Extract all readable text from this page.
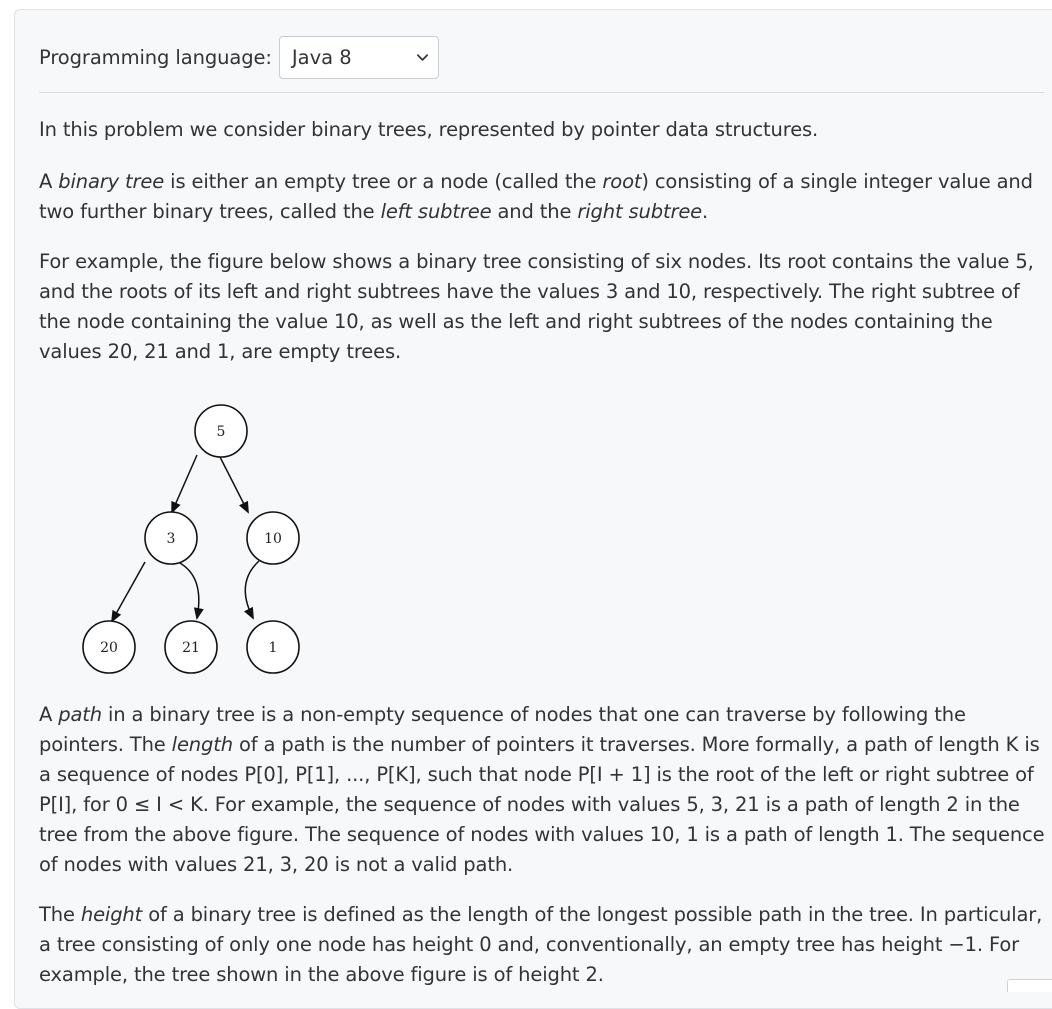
Programming language:	Java 8

In this problem we consider binary trees, represented by pointer data structures.

A binary tree is either an empty tree or a node (called the root) consisting of a single integer value and two further binary trees, called the left subtree and the right subtree.

For example, the figure below shows a binary tree consisting of six nodes. Its root contains the value 5, and the roots of its left and right subtrees have the values 3 and 10, respectively. The right subtree of the node containing the value 10, as well as the left and right subtrees of the nodes containing the values 20, 21 and 1, are empty trees.

5
3	10
20	21	1

A path in a binary tree is a non-empty sequence of nodes that one can traverse by following the pointers. The length of a path is the number of pointers it traverses. More formally, a path of length K is a sequence of nodes P[0], P[1], ..., P[K], such that node P[I + 1] is the root of the left or right subtree of P[I], for 0 ≤ I < K. For example, the sequence of nodes with values 5, 3, 21 is a path of length 2 in the tree from the above figure. The sequence of nodes with values 10, 1 is a path of length 1. The sequence of nodes with values 21, 3, 20 is not a valid path.

The height of a binary tree is defined as the length of the longest possible path in the tree. In particular, a tree consisting of only one node has height 0 and, conventionally, an empty tree has height −1. For example, the tree shown in the above figure is of height 2.
